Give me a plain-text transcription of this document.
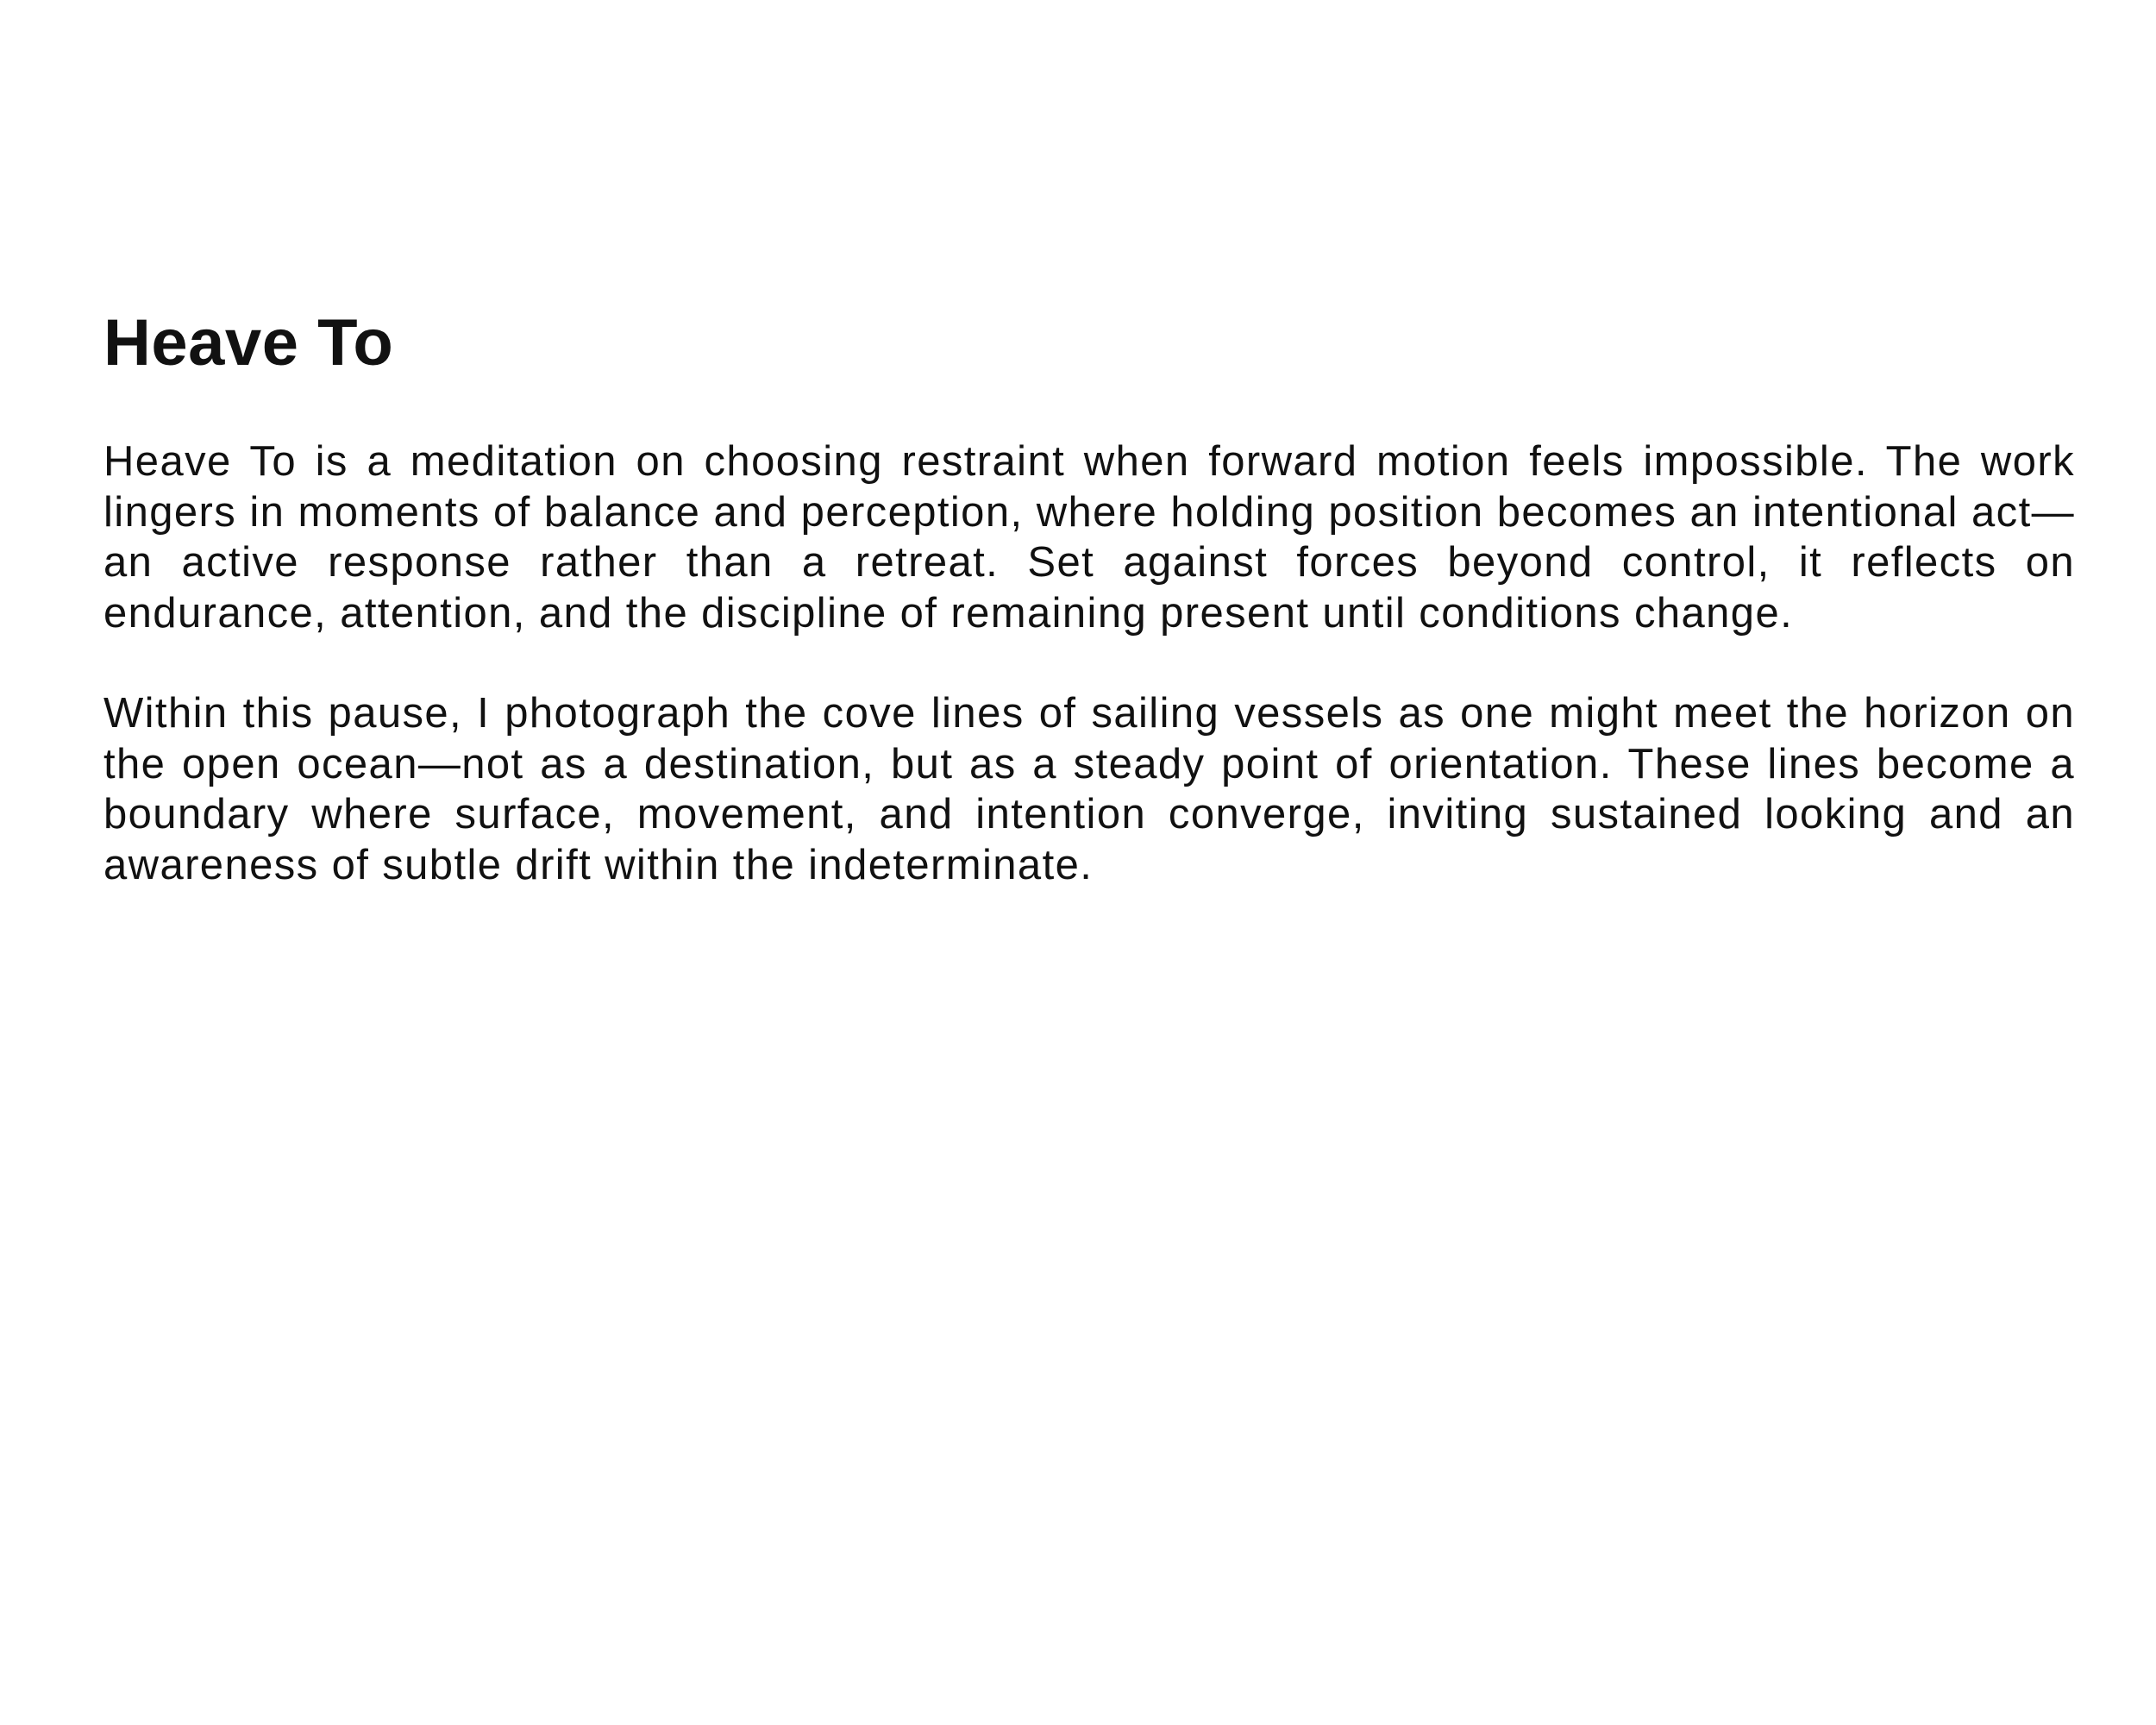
Heave To

Heave To is a meditation on choosing restraint when forward motion feels impossible. The work lingers in moments of balance and perception, where holding position becomes an intentional act—an active response rather than a retreat. Set against forces beyond control, it reflects on endurance, attention, and the discipline of remaining present until conditions change.

Within this pause, I photograph the cove lines of sailing vessels as one might meet the horizon on the open ocean—not as a destination, but as a steady point of orientation. These lines become a boundary where surface, movement, and intention converge, inviting sustained looking and an awareness of subtle drift within the indeterminate.
